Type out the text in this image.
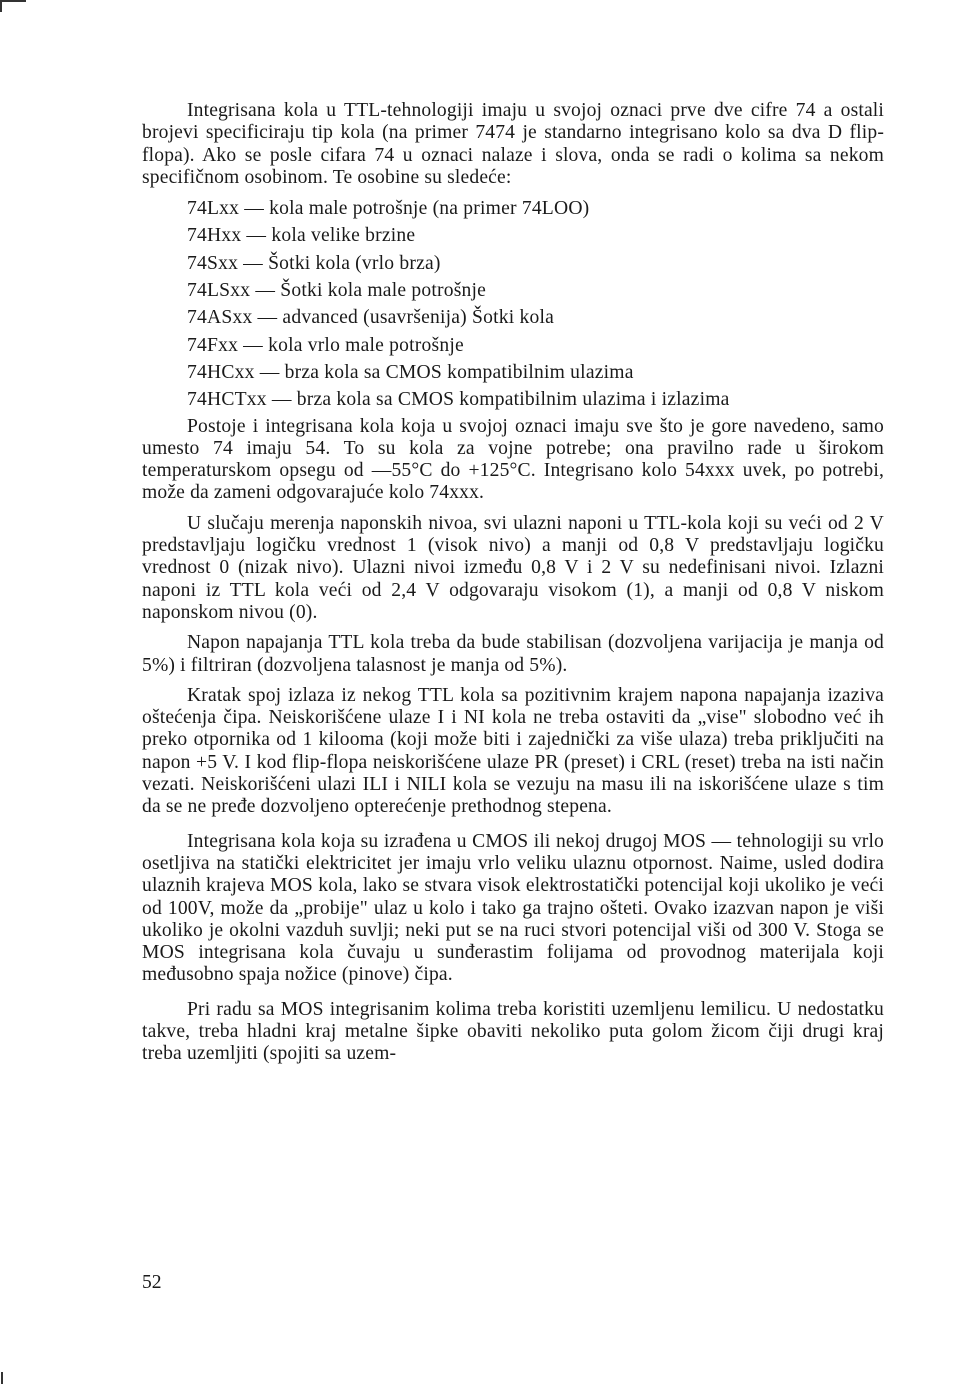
Integrisana kola u TTL-tehnologiji imaju u svojoj oznaci prve dve cifre 74 a ostali brojevi specificiraju tip kola (na primer 7474 je standarno integrisano kolo sa dva D flip-flopa). Ako se posle cifara 74 u oznaci nalaze i slova, onda se radi o kolima sa nekom specifičnom osobinom. Te osobine su sledeće:

74Lxx — kola male potrošnje (na primer 74LOO)
74Hxx — kola velike brzine
74Sxx — Šotki kola (vrlo brza)
74LSxx — Šotki kola male potrošnje
74ASxx — advanced (usavršenija) Šotki kola
74Fxx — kola vrlo male potrošnje
74HCxx — brza kola sa CMOS kompatibilnim ulazima
74HCTxx — brza kola sa CMOS kompatibilnim ulazima i izlazima

Postoje i integrisana kola koja u svojoj oznaci imaju sve što je gore navedeno, samo umesto 74 imaju 54. To su kola za vojne potrebe; ona pravilno rade u širokom temperaturskom opsegu od —55°C do +125°C. Integrisano kolo 54xxx uvek, po potrebi, može da zameni odgovarajuće kolo 74xxx.

U slučaju merenja naponskih nivoa, svi ulazni naponi u TTL-kola koji su veći od 2 V predstavljaju logičku vrednost 1 (visok nivo) a manji od 0,8 V predstavljaju logičku vrednost 0 (nizak nivo). Ulazni nivoi između 0,8 V i 2 V su nedefinisani nivoi. Izlazni naponi iz TTL kola veći od 2,4 V odgovaraju visokom (1), a manji od 0,8 V niskom naponskom nivou (0).

Napon napajanja TTL kola treba da bude stabilisan (dozvoljena varijacija je manja od 5%) i filtriran (dozvoljena talasnost je manja od 5%).

Kratak spoj izlaza iz nekog TTL kola sa pozitivnim krajem napona napajanja izaziva oštećenja čipa. Neiskorišćene ulaze I i NI kola ne treba ostaviti da „vise" slobodno već ih preko otpornika od 1 kilooma (koji može biti i zajednički za više ulaza) treba priključiti na napon +5 V. I kod flip-flopa neiskorišćene ulaze PR (preset) i CRL (reset) treba na isti način vezati. Neiskorišćeni ulazi ILI i NILI kola se vezuju na masu ili na iskorišćene ulaze s tim da se ne pređe dozvoljeno opterećenje prethodnog stepena.

Integrisana kola koja su izrađena u CMOS ili nekoj drugoj MOS — tehnologiji su vrlo osetljiva na statički elektricitet jer imaju vrlo veliku ulaznu otpornost. Naime, usled dodira ulaznih krajeva MOS kola, lako se stvara visok elektrostatički potencijal koji ukoliko je veći od 100V, može da „probije" ulaz u kolo i tako ga trajno ošteti. Ovako izazvan napon je viši ukoliko je okolni vazduh suvlji; neki put se na ruci stvori potencijal viši od 300 V. Stoga se MOS integrisana kola čuvaju u sunđerastim folijama od provodnog materijala koji međusobno spaja nožice (pinove) čipa.

Pri radu sa MOS integrisanim kolima treba koristiti uzemljenu lemilicu. U nedostatku takve, treba hladni kraj metalne šipke obaviti nekoliko puta golom žicom čiji drugi kraj treba uzemljiti (spojiti sa uzem-

52
